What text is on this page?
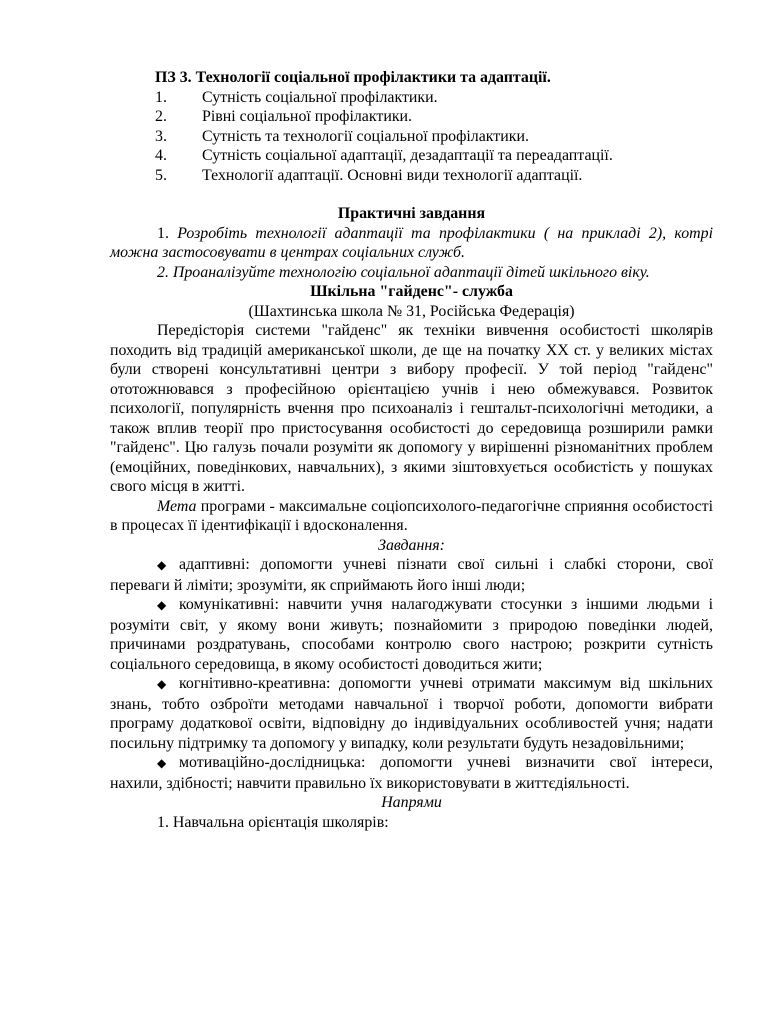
ПЗ 3. Технології соціальної профілактики та адаптації.
1. Сутність соціальної профілактики.
2. Рівні соціальної профілактики.
3. Сутність та технології соціальної профілактики.
4. Сутність соціальної адаптації, дезадаптації та переадаптації.
5. Технології адаптації. Основні види технології адаптації.

Практичні завдання

1. Розробіть технології адаптації та профілактики ( на прикладі 2), котрі можна застосовувати в центрах соціальних служб.

2. Проаналізуйте технологію соціальної адаптації дітей шкільного віку.

Шкільна "гайденс"- служба

(Шахтинська школа № 31, Російська Федерація)

Передісторія системи "гайденс" як техніки вивчення особистості школярів походить від традицій американської школи, де ще на початку XX ст. у великих містах були створені консультативні центри з вибору професії. У той період "гайденс" ототожнювався з професійною орієнтацією учнів і нею обмежувався. Розвиток психології, популярність вчення про психоаналіз і гештальт-психологічні методики, а також вплив теорії про пристосування особистості до середовища розширили рамки "гайденс". Цю галузь почали розуміти як допомогу у вирішенні різноманітних проблем (емоційних, поведінкових, навчальних), з якими зіштовхується особистість у пошуках свого місця в житті.

Мета програми - максимальне соціопсихолого-педагогічне сприяння особистості в процесах її ідентифікації і вдосконалення.

Завдання:

◆ адаптивні: допомогти учневі пізнати свої сильні і слабкі сторони, свої переваги й ліміти; зрозуміти, як сприймають його інші люди;

◆ комунікативні: навчити учня налагоджувати стосунки з іншими людьми і розуміти світ, у якому вони живуть; познайомити з природою поведінки людей, причинами роздратувань, способами контролю свого настрою; розкрити сутність соціального середовища, в якому особистості доводиться жити;

◆ когнітивно-креативна: допомогти учневі отримати максимум від шкільних знань, тобто озброїти методами навчальної і творчої роботи, допомогти вибрати програму додаткової освіти, відповідну до індивідуальних особливостей учня; надати посильну підтримку та допомогу у випадку, коли результати будуть незадовільними;

◆ мотиваційно-дослідницька: допомогти учневі визначити свої інтереси, нахили, здібності; навчити правильно їх використовувати в життєдіяльності.

Напрями

1. Навчальна орієнтація школярів:
